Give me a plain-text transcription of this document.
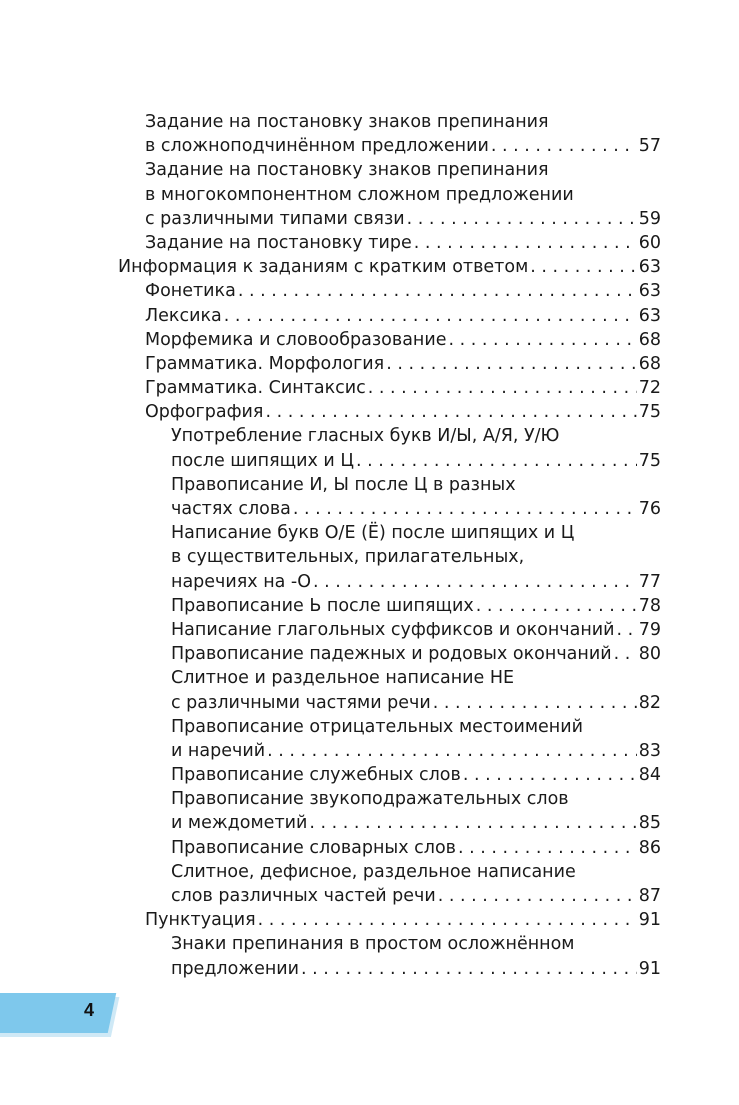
Задание на постановку знаков препинания
в сложноподчинённом предложении . . .	57
Задание на постановку знаков препинания
в многокомпонентном сложном предложении
с различными типами связи . . .	59
Задание на постановку тире . . .	60
Информация к заданиям с кратким ответом . . .	63
Фонетика . . .	63
Лексика . . .	63
Морфемика и словообразование . . .	68
Грамматика. Морфология . . .	68
Грамматика. Синтаксис . . .	72
Орфография . . .	75
Употребление гласных букв И/Ы, А/Я, У/Ю
после шипящих и Ц . . .	75
Правописание И, Ы после Ц в разных
частях слова . . .	76
Написание букв О/Е (Ё) после шипящих и Ц
в существительных, прилагательных,
наречиях на -О . . .	77
Правописание Ь после шипящих . . .	78
Написание глагольных суффиксов и окончаний . . . 79
Правописание падежных и родовых окончаний . . . 80
Слитное и раздельное написание НЕ
с различными частями речи . . .	82
Правописание отрицательных местоимений
и наречий . . .	83
Правописание служебных слов . . .	84
Правописание звукоподражательных слов
и междометий . . .	85
Правописание словарных слов . . .	86
Слитное, дефисное, раздельное написание
слов различных частей речи . . .	87
Пунктуация . . .	91
Знаки препинания в простом осложнённом
предложении . . .	91
4
